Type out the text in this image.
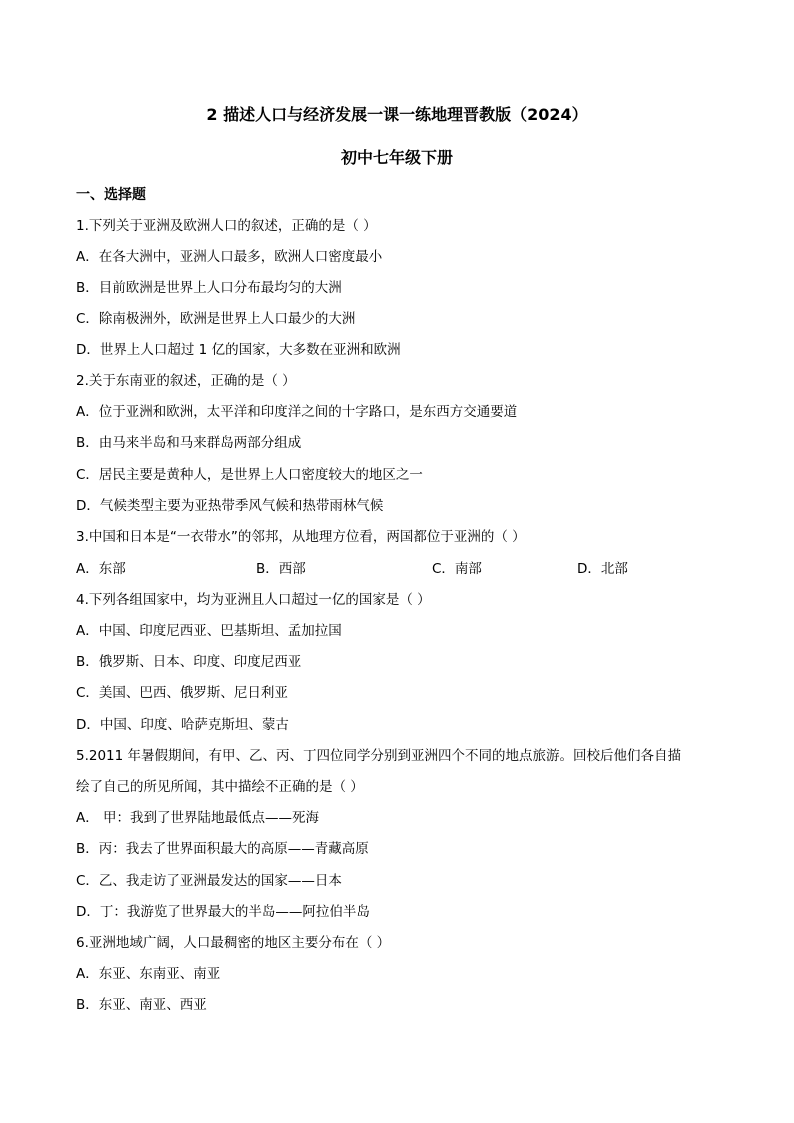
2 描述人口与经济发展一课一练地理晋教版（2024）
初中七年级下册
一、选择题
1.下列关于亚洲及欧洲人口的叙述，正确的是（ ）
A．在各大洲中，亚洲人口最多，欧洲人口密度最小
B．目前欧洲是世界上人口分布最均匀的大洲
C．除南极洲外，欧洲是世界上人口最少的大洲
D．世界上人口超过 1 亿的国家，大多数在亚洲和欧洲
2.关于东南亚的叙述，正确的是（ ）
A．位于亚洲和欧洲，太平洋和印度洋之间的十字路口，是东西方交通要道
B．由马来半岛和马来群岛两部分组成
C．居民主要是黄种人，是世界上人口密度较大的地区之一
D．气候类型主要为亚热带季风气候和热带雨林气候
3.中国和日本是“一衣带水”的邻邦，从地理方位看，两国都位于亚洲的（ ）
A．东部	B．西部	C．南部	D．北部
4.下列各组国家中，均为亚洲且人口超过一亿的国家是（ ）
A．中国、印度尼西亚、巴基斯坦、孟加拉国
B．俄罗斯、日本、印度、印度尼西亚
C．美国、巴西、俄罗斯、尼日利亚
D．中国、印度、哈萨克斯坦、蒙古
5.2011 年暑假期间，有甲、乙、丙、丁四位同学分别到亚洲四个不同的地点旅游。回校后他们各自描
绘了自己的所见所闻，其中描绘不正确的是（ ）
A． 甲：我到了世界陆地最低点——死海
B．丙：我去了世界面积最大的高原——青藏高原
C．乙、我走访了亚洲最发达的国家——日本
D．丁：我游览了世界最大的半岛——阿拉伯半岛
6.亚洲地域广阔，人口最稠密的地区主要分布在（ ）
A．东亚、东南亚、南亚
B．东亚、南亚、西亚
